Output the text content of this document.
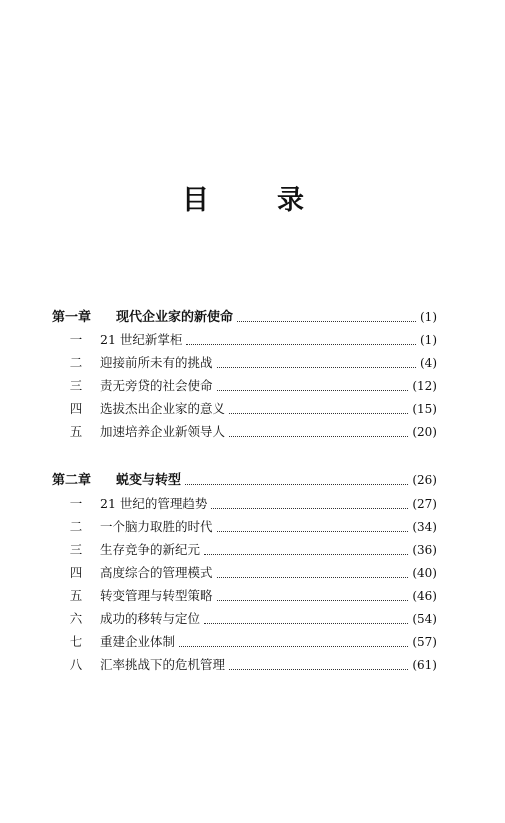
目	录
第一章	现代企业家的新使命	(1)
一	21 世纪新掌柜	(1)
二	迎接前所未有的挑战	(4)
三	责无旁贷的社会使命	(12)
四	选拔杰出企业家的意义	(15)
五	加速培养企业新领导人	(20)
第二章	蜕变与转型	(26)
一	21 世纪的管理趋势	(27)
二	一个脑力取胜的时代	(34)
三	生存竞争的新纪元	(36)
四	高度综合的管理模式	(40)
五	转变管理与转型策略	(46)
六	成功的移转与定位	(54)
七	重建企业体制	(57)
八	汇率挑战下的危机管理	(61)
